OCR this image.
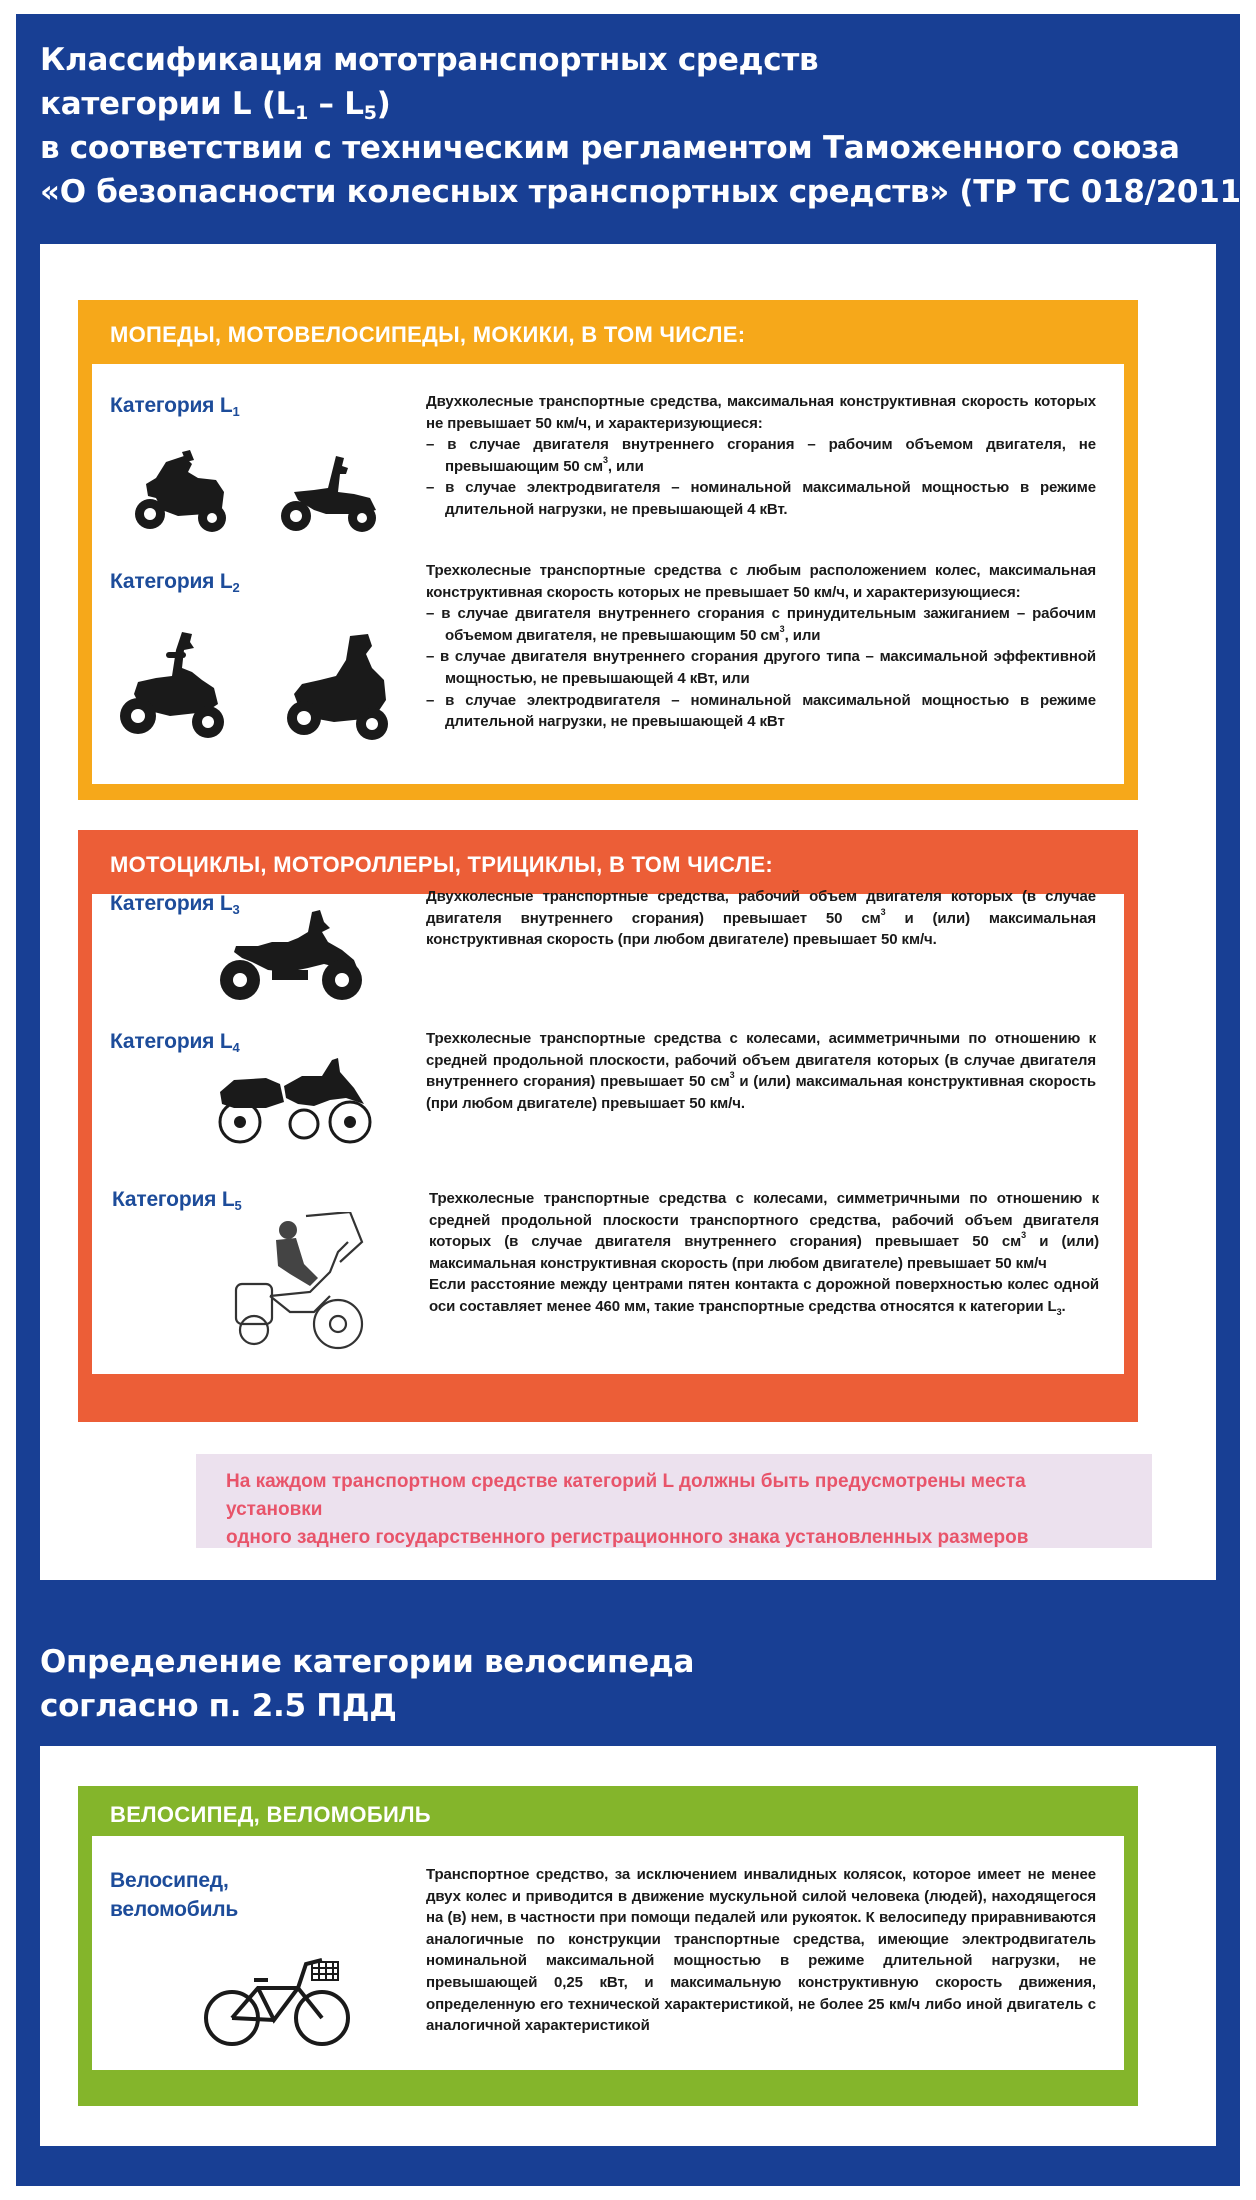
Классификация мототранспортных средств
категории L $(L_1 - L_5)$
в соответствии с техническим регламентом Таможенного союза
«О безопасности колесных транспортных средств» (ТР ТС 018/2011)
МОПЕДЫ, МОТОВЕЛОСИПЕДЫ, МОКИКИ, В ТОМ ЧИСЛЕ:
Категория $L_1$

Двухколесные транспортные средства, максимальная конструктивная скорость которых не превышает 50 км/ч, и характеризующиеся:

– в случае двигателя внутреннего сгорания – рабочим объемом двигателя, не превышающим 50 $см^3$, или
– в случае электродвигателя – номинальной максимальной мощностью в режиме длительной нагрузки, не превышающей 4 кВт.
Категория $L_2$

Трехколесные транспортные средства с любым расположением колес, максимальная конструктивная скорость которых не превышает 50 км/ч, и характеризующиеся:

– в случае двигателя внутреннего сгорания с принудительным зажиганием – рабочим объемом двигателя, не превышающим 50 $см^3$, или
– в случае двигателя внутреннего сгорания другого типа – максимальной эффективной мощностью, не превышающей 4 кВт, или
– в случае электродвигателя – номинальной максимальной мощностью в режиме длительной нагрузки, не превышающей 4 кВт
МОТОЦИКЛЫ, МОТОРОЛЛЕРЫ, ТРИЦИКЛЫ, В ТОМ ЧИСЛЕ:
Категория $L_3$

Двухколесные транспортные средства, рабочий объем двигателя которых (в случае двигателя внутреннего сгорания) превышает 50 $см^3$ и (или) максимальная конструктивная скорость (при любом двигателе) превышает 50 км/ч.

Категория $L_4$

Трехколесные транспортные средства с колесами, асимметричными по отношению к средней продольной плоскости, рабочий объем двигателя которых (в случае двигателя внутреннего сгорания) превышает 50 $см^3$ и (или) максимальная конструктивная скорость (при любом двигателе) превышает 50 км/ч.

Категория $L_5$	Трехколесные транспортные средства с колесами, симметричными по отношению к средней продольной плоскости транспортного средства, рабочий объем двигателя которых (в случае двигателя внутреннего сгорания) превышает 50 $см^3$ и (или) максимальная конструктивная скорость (при любом двигателе) превышает 50 км/ч

Если расстояние между центрами пятен контакта с дорожной поверхностью колес одной оси составляет менее 460 мм, такие транспортные средства относятся к категории $L_3$.

На каждом транспортном средстве категорий L должны быть предусмотрены места установки
одного заднего государственного регистрационного знака установленных размеров
Определение категории велосипеда
согласно п. 2.5 ПДД
ВЕЛОСИПЕД, ВЕЛОМОБИЛЬ
Велосипед,
веломобиль
Транспортное средство, за исключением инвалидных колясок, которое имеет не менее двух колес и приводится в движение мускульной силой человека (людей), находящегося на (в) нем, в частности при помощи педалей или рукояток. К велосипеду приравниваются аналогичные по конструкции транспортные средства, имеющие электродвигатель номинальной максимальной мощностью в режиме длительной нагрузки, не превышающей 0,25 кВт, и максимальную конструктивную скорость движения, определенную его технической характеристикой, не более 25 км/ч либо иной двигатель с аналогичной характеристикой
